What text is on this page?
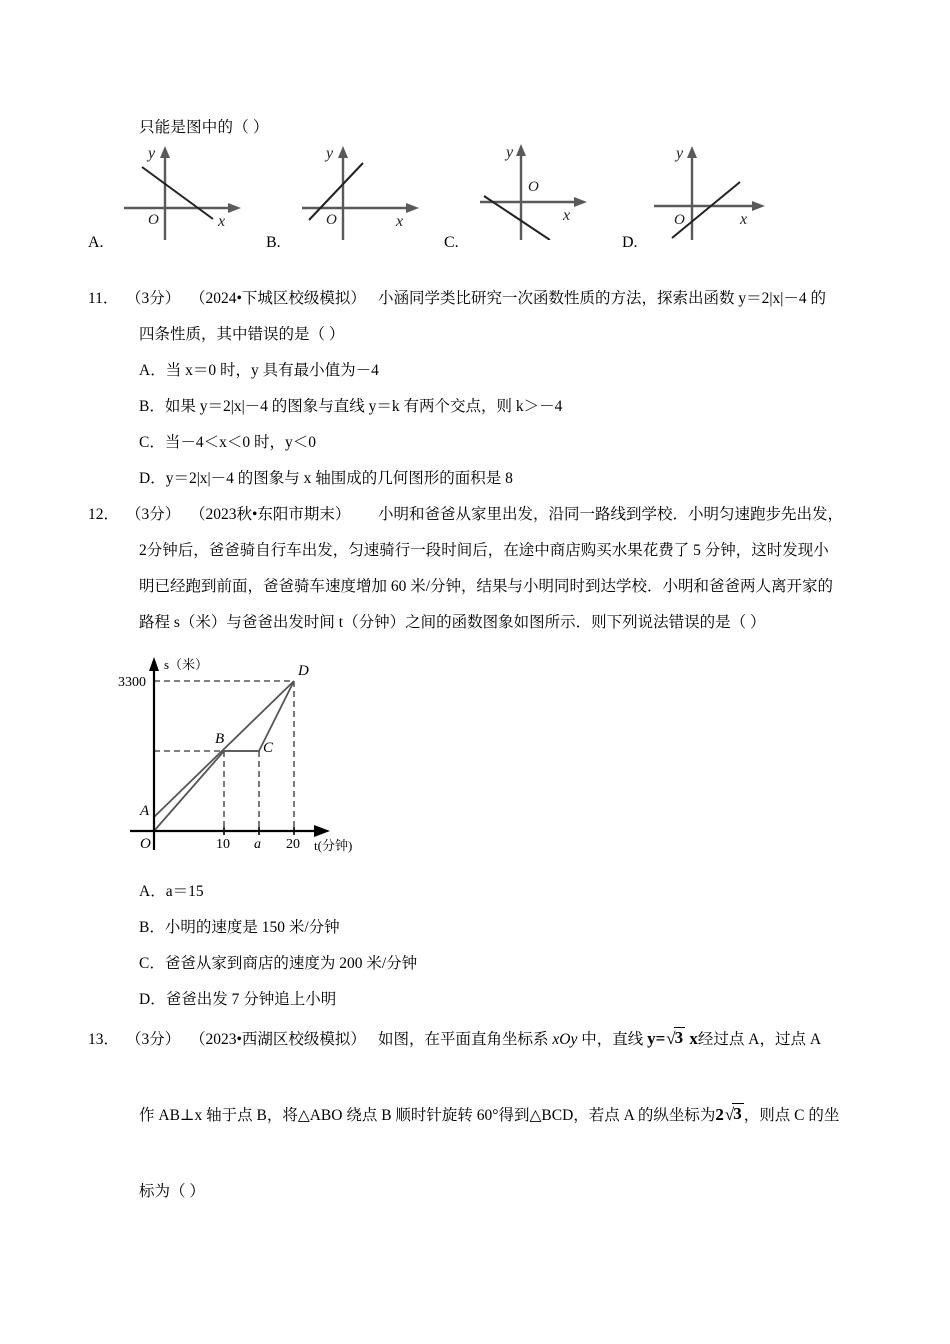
只能是图中的（ ）
A.
y
x
O
B.
y
x
O
C.
y
x
O
D.
y
x
O
11． （3分） （2024•下城区校级模拟） 小涵同学类比研究一次函数性质的方法，探索出函数 y＝2|x|－4 的
四条性质，其中错误的是（ ）
A．当 x＝0 时，y 具有最小值为－4
B．如果 y＝2|x|－4 的图象与直线 y＝k 有两个交点，则 k＞－4
C．当－4＜x＜0 时，y＜0
D．y＝2|x|－4 的图象与 x 轴围成的几何图形的面积是 8
12． （3分） （2023秋•东阳市期末） 小明和爸爸从家里出发，沿同一路线到学校．小明匀速跑步先出发，
2分钟后，爸爸骑自行车出发，匀速骑行一段时间后，在途中商店购买水果花费了 5 分钟，这时发现小
明已经跑到前面，爸爸骑车速度增加 60 米/分钟，结果与小明同时到达学校．小明和爸爸两人离开家的
路程 s（米）与爸爸出发时间 t（分钟）之间的函数图象如图所示．则下列说法错误的是（ ）
s（米）
t(分钟)
3300
10 a 20
A
O
B
C
D
A．a＝15
B．小明的速度是 150 米/分钟
C．爸爸从家到商店的速度为 200 米/分钟
D．爸爸出发 7 分钟追上小明
13． （3分） （2023•西湖区校级模拟） 如图，在平面直角坐标系 xOy 中，直线 y=√3 x经过点 A，过点 A
作 AB⊥x 轴于点 B，将△ABO 绕点 B 顺时针旋转 60°得到△BCD，若点 A 的纵坐标为2√3 ，则点 C 的坐
标为（ ）
